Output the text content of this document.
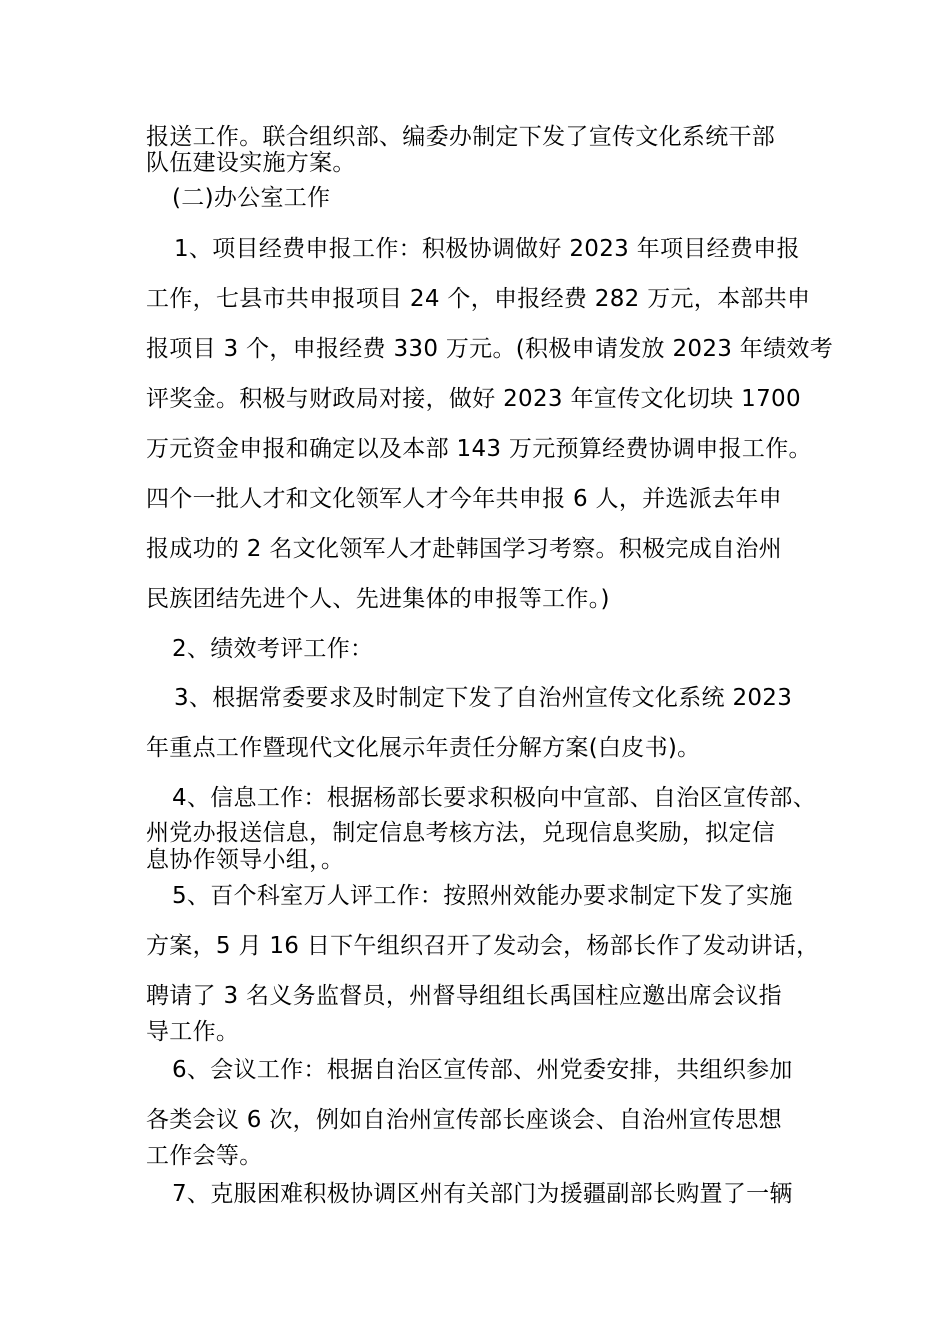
报送工作。联合组织部、编委办制定下发了宣传文化系统干部

队伍建设实施方案。

(二)办公室工作

1、项目经费申报工作：积极协调做好 2023 年项目经费申报

工作，七县市共申报项目 24 个，申报经费 282 万元，本部共申

报项目 3 个，申报经费 330 万元。(积极申请发放 2023 年绩效考

评奖金。积极与财政局对接，做好 2023 年宣传文化切块 1700

万元资金申报和确定以及本部 143 万元预算经费协调申报工作。

四个一批人才和文化领军人才今年共申报 6 人，并选派去年申

报成功的 2 名文化领军人才赴韩国学习考察。积极完成自治州

民族团结先进个人、先进集体的申报等工作。)

2、绩效考评工作：

3、根据常委要求及时制定下发了自治州宣传文化系统 2023

年重点工作暨现代文化展示年责任分解方案(白皮书)。

4、信息工作：根据杨部长要求积极向中宣部、自治区宣传部、

州党办报送信息，制定信息考核方法，兑现信息奖励，拟定信

息协作领导小组，。

5、百个科室万人评工作：按照州效能办要求制定下发了实施

方案，5 月 16 日下午组织召开了发动会，杨部长作了发动讲话，

聘请了 3 名义务监督员，州督导组组长禹国柱应邀出席会议指

导工作。

6、会议工作：根据自治区宣传部、州党委安排，共组织参加

各类会议 6 次，例如自治州宣传部长座谈会、自治州宣传思想

工作会等。

7、克服困难积极协调区州有关部门为援疆副部长购置了一辆
